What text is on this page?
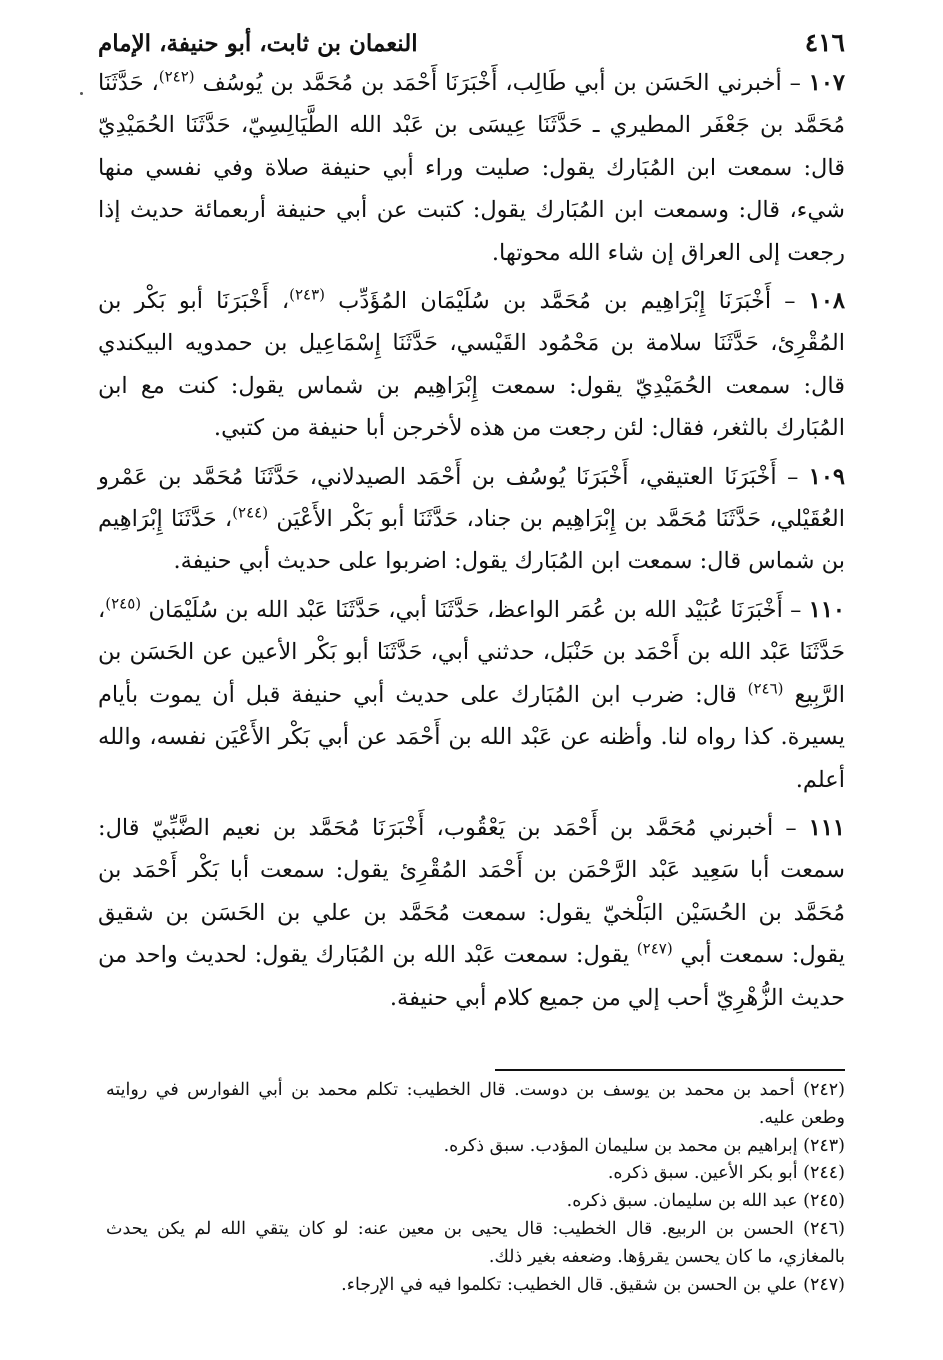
٤١٦
النعمان بن ثابت، أبو حنيفة، الإمام

١٠٧ – أخبرني الحَسَن بن أبي طَالِب، أَخْبَرَنَا أَحْمَد بن مُحَمَّد بن يُوسُف $^{(٢٤٢)}$، حَدَّثَنَا مُحَمَّد بن جَعْفَر المطيري ـ حَدَّثَنَا عِيسَى بن عَبْد الله الطَّيَالِسِيّ، حَدَّثَنَا الحُمَيْدِيّ قال: سمعت ابن المُبَارك يقول: صليت وراء أبي حنيفة صلاة وفي نفسي منها شيء، قال: وسمعت ابن المُبَارك يقول: كتبت عن أبي حنيفة أربعمائة حديث إذا رجعت إلى العراق إن شاء الله محوتها.

١٠٨ – أَخْبَرَنَا إِبْرَاهِيم بن مُحَمَّد بن سُلَيْمَان المُؤَدِّب $^{(٢٤٣)}$، أَخْبَرَنَا أبو بَكْر بن المُقْرِئ، حَدَّثَنَا سلامة بن مَحْمُود القَيْسي، حَدَّثَنَا إِسْمَاعِيل بن حمدويه البيكندي قال: سمعت الحُمَيْدِيّ يقول: سمعت إِبْرَاهِيم بن شماس يقول: كنت مع ابن المُبَارك بالثغر، فقال: لئن رجعت من هذه لأخرجن أبا حنيفة من كتبي.

١٠٩ – أَخْبَرَنَا العتيقي، أَخْبَرَنَا يُوسُف بن أَحْمَد الصيدلاني، حَدَّثَنَا مُحَمَّد بن عَمْرو العُقَيْلي، حَدَّثَنَا مُحَمَّد بن إِبْرَاهِيم بن جناد، حَدَّثَنَا أبو بَكْر الأَعْيَن $^{(٢٤٤)}$، حَدَّثَنَا إِبْرَاهِيم بن شماس قال: سمعت ابن المُبَارك يقول: اضربوا على حديث أبي حنيفة.

١١٠ – أَخْبَرَنَا عُبَيْد الله بن عُمَر الواعظ، حَدَّثَنَا أبي، حَدَّثَنَا عَبْد الله بن سُلَيْمَان $^{(٢٤٥)}$، حَدَّثَنَا عَبْد الله بن أَحْمَد بن حَنْبَل، حدثني أبي، حَدَّثَنَا أبو بَكْر الأعين عن الحَسَن بن الرَّبِيع $^{(٢٤٦)}$ قال: ضرب ابن المُبَارك على حديث أبي حنيفة قبل أن يموت بأيام يسيرة. كذا رواه لنا. وأظنه عن عَبْد الله بن أَحْمَد عن أبي بَكْر الأَعْيَن نفسه، والله أعلم.

١١١ – أخبرني مُحَمَّد بن أَحْمَد بن يَعْقُوب، أَخْبَرَنَا مُحَمَّد بن نعيم الضَّبِّيّ قال: سمعت أبا سَعِيد عَبْد الرَّحْمَن بن أَحْمَد المُقْرِئ يقول: سمعت أبا بَكْر أَحْمَد بن مُحَمَّد بن الحُسَيْن البَلْخيّ يقول: سمعت مُحَمَّد بن علي بن الحَسَن بن شقيق يقول: سمعت أبي $^{(٢٤٧)}$ يقول: سمعت عَبْد الله بن المُبَارك يقول: لحديث واحد من حديث الزُّهْرِيّ أحب إلي من جميع كلام أبي حنيفة.

(٢٤٢) أحمد بن محمد بن يوسف بن دوست. قال الخطيب: تكلم محمد بن أبي الفوارس في روايته وطعن عليه.

(٢٤٣) إبراهيم بن محمد بن سليمان المؤدب. سبق ذكره.

(٢٤٤) أبو بكر الأعين. سبق ذكره.

(٢٤٥) عبد الله بن سليمان. سبق ذكره.

(٢٤٦) الحسن بن الربيع. قال الخطيب: قال يحيى بن معين عنه: لو كان يتقي الله لم يكن يحدث بالمغازي، ما كان يحسن يقرؤها. وضعفه بغير ذلك.

(٢٤٧) علي بن الحسن بن شقيق. قال الخطيب: تكلموا فيه في الإرجاء.
